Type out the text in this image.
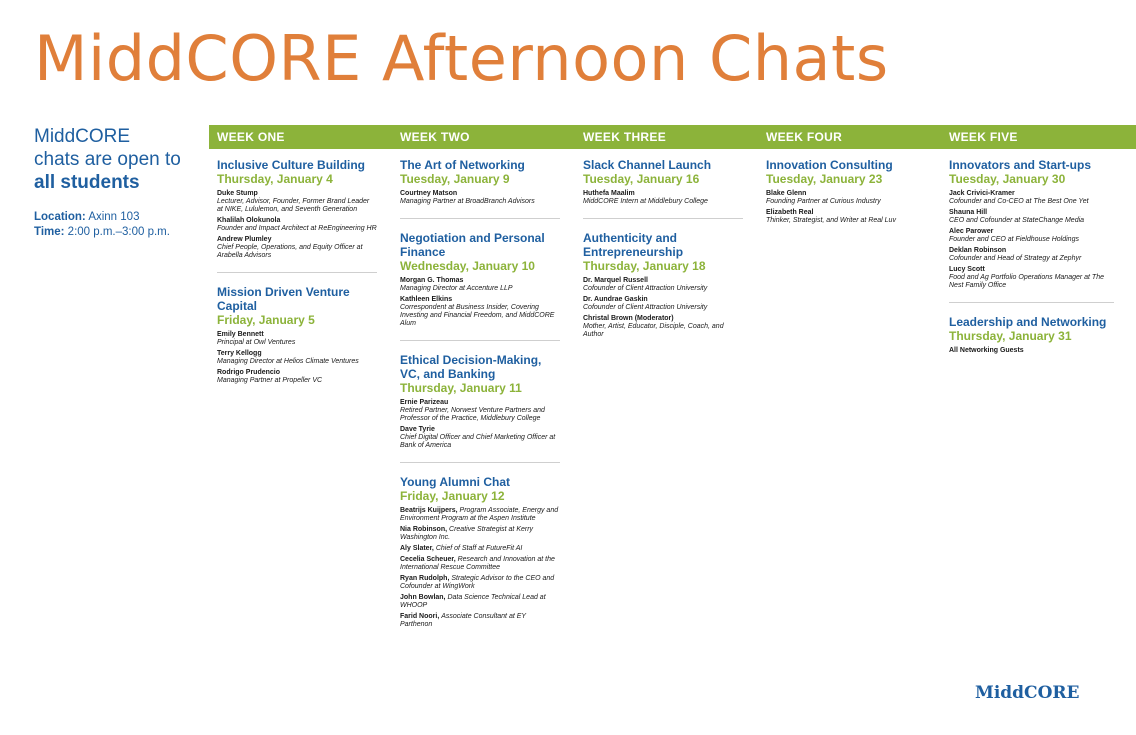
MiddCORE Afternoon Chats
MiddCORE
chats are open to
all students
Location: Axinn 103
Time: 2:00 p.m.–3:00 p.m.
WEEK ONE	WEEK TWO	WEEK THREE	WEEK FOUR	WEEK FIVE
Inclusive Culture Building
Thursday, January 4
Duke Stump
Lecturer, Advisor, Founder, Former Brand Leader at NIKE, Lululemon, and Seventh Generation
Khalilah Olokunola
Founder and Impact Architect at ReEngineering HR
Andrew Plumley
Chief People, Operations, and Equity Officer at Arabella Advisors
Mission Driven Venture Capital
Friday, January 5
Emily Bennett
Principal at Owl Ventures
Terry Kellogg
Managing Director at Helios Climate Ventures
Rodrigo Prudencio
Managing Partner at Propeller VC
The Art of Networking
Tuesday, January 9
Courtney Matson
Managing Partner at BroadBranch Advisors
Negotiation and Personal Finance
Wednesday, January 10
Morgan G. Thomas
Managing Director at Accenture LLP
Kathleen Elkins
Correspondent at Business Insider, Covering Investing and Financial Freedom, and MiddCORE Alum
Ethical Decision-Making, VC, and Banking
Thursday, January 11
Ernie Parizeau
Retired Partner, Norwest Venture Partners and Professor of the Practice, Middlebury College
Dave Tyrie
Chief Digital Officer and Chief Marketing Officer at Bank of America
Young Alumni Chat
Friday, January 12
Beatrijs Kuijpers, Program Associate, Energy and Environment Program at the Aspen Institute
Nia Robinson, Creative Strategist at Kerry Washington Inc.
Aly Slater, Chief of Staff at FutureFit AI
Cecelia Scheuer, Research and Innovation at the International Rescue Committee
Ryan Rudolph, Strategic Advisor to the CEO and Cofounder at WingWork
John Bowlan, Data Science Technical Lead at WHOOP
Farid Noori, Associate Consultant at EY Parthenon
Slack Channel Launch
Tuesday, January 16
Huthefa Maalim
MiddCORE Intern at Middlebury College
Authenticity and Entrepreneurship
Thursday, January 18
Dr. Marquel Russell
Cofounder of Client Attraction University
Dr. Aundrae Gaskin
Cofounder of Client Attraction University
Christal Brown (Moderator)
Mother, Artist, Educator, Disciple, Coach, and Author
Innovation Consulting
Tuesday, January 23
Blake Glenn
Founding Partner at Curious Industry
Elizabeth Real
Thinker, Strategist, and Writer at Real Luv
Innovators and Start-ups
Tuesday, January 30
Jack Crivici-Kramer
Cofounder and Co-CEO at The Best One Yet
Shauna Hill
CEO and Cofounder at StateChange Media
Alec Parower
Founder and CEO at Fieldhouse Holdings
Deklan Robinson
Cofounder and Head of Strategy at Zephyr
Lucy Scott
Food and Ag Portfolio Operations Manager at The Nest Family Office
Leadership and Networking
Thursday, January 31
All Networking Guests
MiddCORE
